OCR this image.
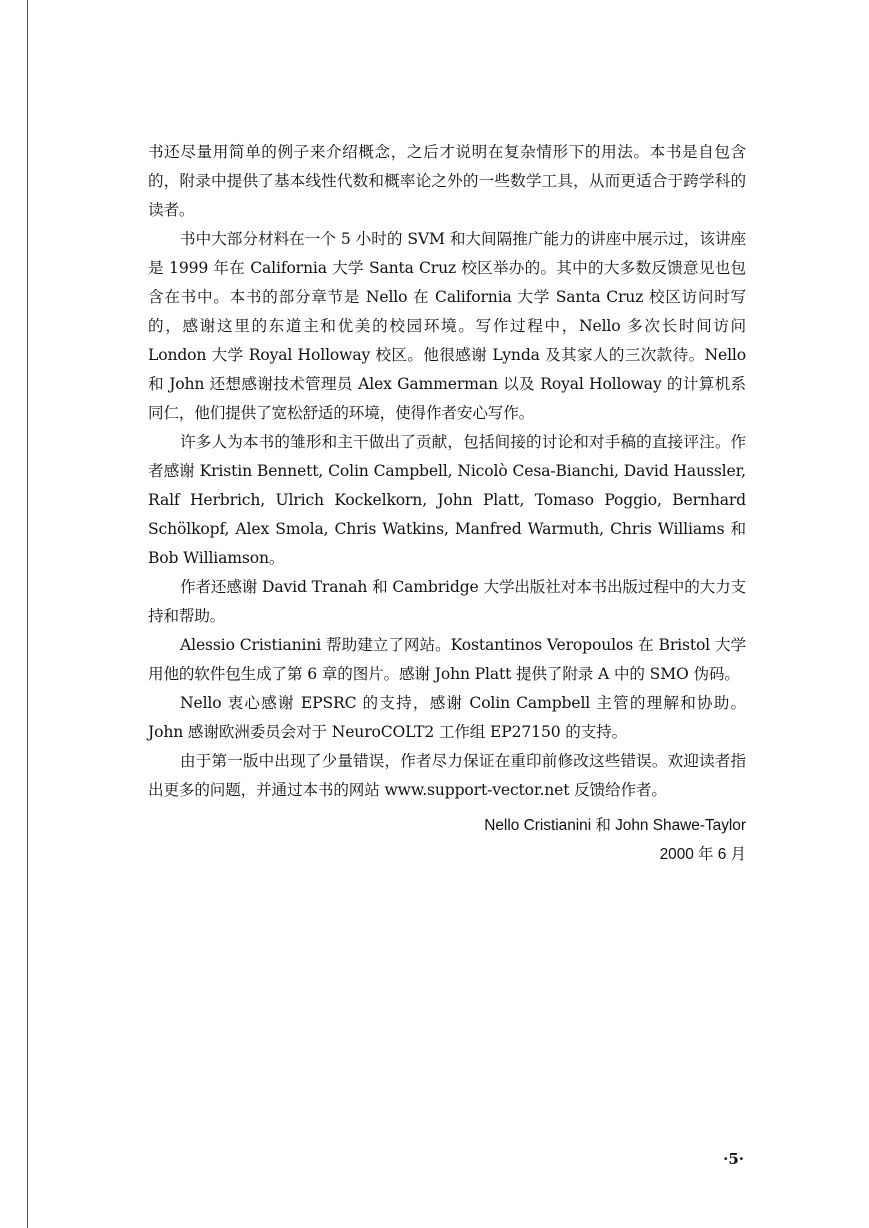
书还尽量用简单的例子来介绍概念，之后才说明在复杂情形下的用法。本书是自包含的，附录中提供了基本线性代数和概率论之外的一些数学工具，从而更适合于跨学科的读者。

书中大部分材料在一个 5 小时的 SVM 和大间隔推广能力的讲座中展示过，该讲座是 1999 年在 California 大学 Santa Cruz 校区举办的。其中的大多数反馈意见也包含在书中。本书的部分章节是 Nello 在 California 大学 Santa Cruz 校区访问时写的，感谢这里的东道主和优美的校园环境。写作过程中，Nello 多次长时间访问 London 大学 Royal Holloway 校区。他很感谢 Lynda 及其家人的三次款待。Nello 和 John 还想感谢技术管理员 Alex Gammerman 以及 Royal Holloway 的计算机系同仁，他们提供了宽松舒适的环境，使得作者安心写作。

许多人为本书的雏形和主干做出了贡献，包括间接的讨论和对手稿的直接评注。作者感谢 Kristin Bennett, Colin Campbell, Nicolò Cesa-Bianchi, David Haussler, Ralf Herbrich, Ulrich Kockelkorn, John Platt, Tomaso Poggio, Bernhard Schölkopf, Alex Smola, Chris Watkins, Manfred Warmuth, Chris Williams 和 Bob Williamson。

作者还感谢 David Tranah 和 Cambridge 大学出版社对本书出版过程中的大力支持和帮助。

Alessio Cristianini 帮助建立了网站。Kostantinos Veropoulos 在 Bristol 大学用他的软件包生成了第 6 章的图片。感谢 John Platt 提供了附录 A 中的 SMO 伪码。

Nello 衷心感谢 EPSRC 的支持，感谢 Colin Campbell 主管的理解和协助。John 感谢欧洲委员会对于 NeuroCOLT2 工作组 EP27150 的支持。

由于第一版中出现了少量错误，作者尽力保证在重印前修改这些错误。欢迎读者指出更多的问题，并通过本书的网站 www.support-vector.net 反馈给作者。

Nello Cristianini 和 John Shawe-Taylor
2000 年 6 月
·5·
